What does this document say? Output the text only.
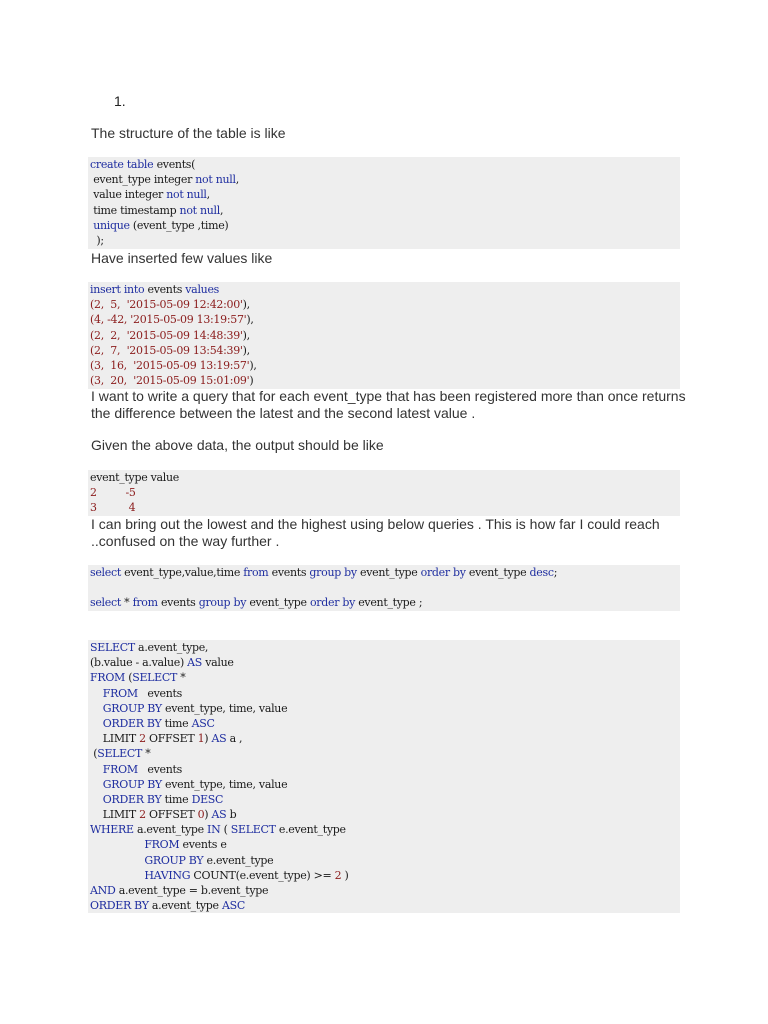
1.
The structure of the table is like
create table events(
event_type integer not null,
value integer not null,
time timestamp not null,
unique (event_type ,time)
);
Have inserted few values like
insert into events values
(2,  5,  '2015-05-09 12:42:00'),
(4, -42, '2015-05-09 13:19:57'),
(2,  2,  '2015-05-09 14:48:39'),
(2,  7,  '2015-05-09 13:54:39'),
(3,  16,  '2015-05-09 13:19:57'),
(3,  20,  '2015-05-09 15:01:09')
I want to write a query that for each event_type that has been registered more than once returns the difference between the latest and the second latest value .
Given the above data, the output should be like
event_type value
2         -5
3          4
I can bring out the lowest and the highest using below queries . This is how far I could reach ..confused on the way further .
select event_type,value,time from events group by event_type order by event_type desc;
select * from events group by event_type order by event_type ;
SELECT a.event_type,
(b.value - a.value) AS value
FROM (SELECT *
FROM   events
GROUP BY event_type, time, value
ORDER BY time ASC
LIMIT 2 OFFSET 1) AS a ,
(SELECT *
FROM   events
GROUP BY event_type, time, value
ORDER BY time DESC
LIMIT 2 OFFSET 0) AS b
WHERE a.event_type IN ( SELECT e.event_type
FROM events e
GROUP BY e.event_type
HAVING COUNT(e.event_type) >= 2 )
AND a.event_type = b.event_type
ORDER BY a.event_type ASC
